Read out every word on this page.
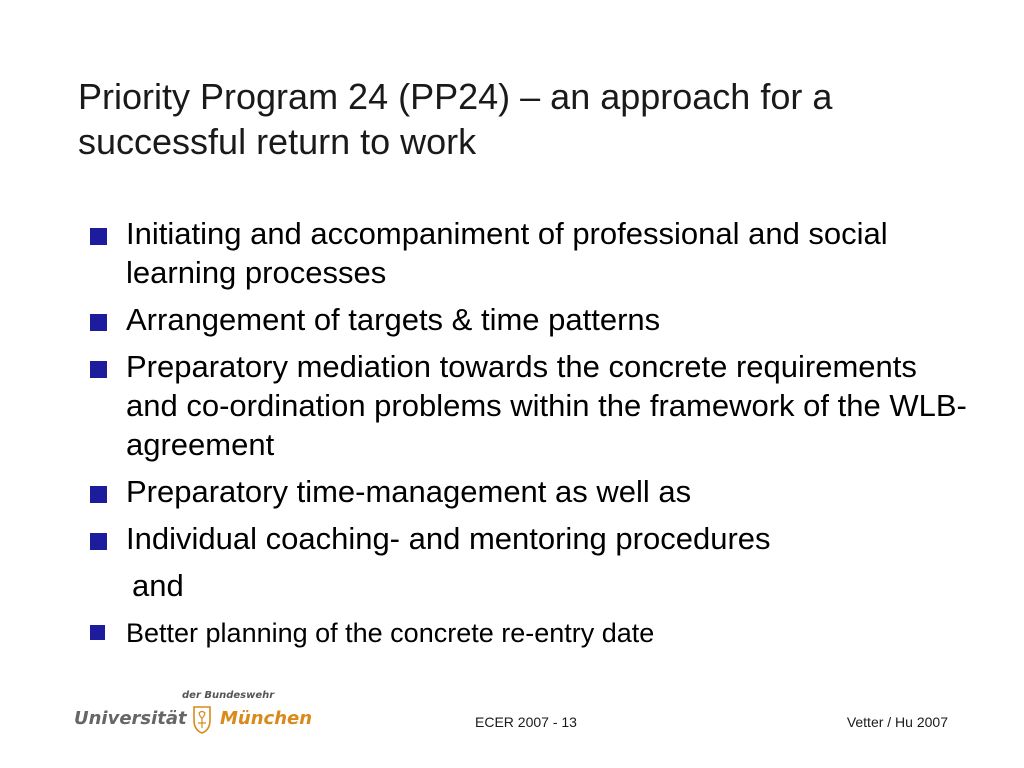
Priority Program 24 (PP24) – an approach for a successful return to work
Initiating and accompaniment of professional and social learning processes
Arrangement of targets & time patterns
Preparatory mediation towards the concrete requirements and co-ordination problems within the framework of the WLB-agreement
Preparatory time-management as well as
Individual coaching- and mentoring procedures
and
Better planning of the concrete re-entry date
der Bundeswehr
Universität München	ECER 2007 - 13	Vetter / Hu 2007
